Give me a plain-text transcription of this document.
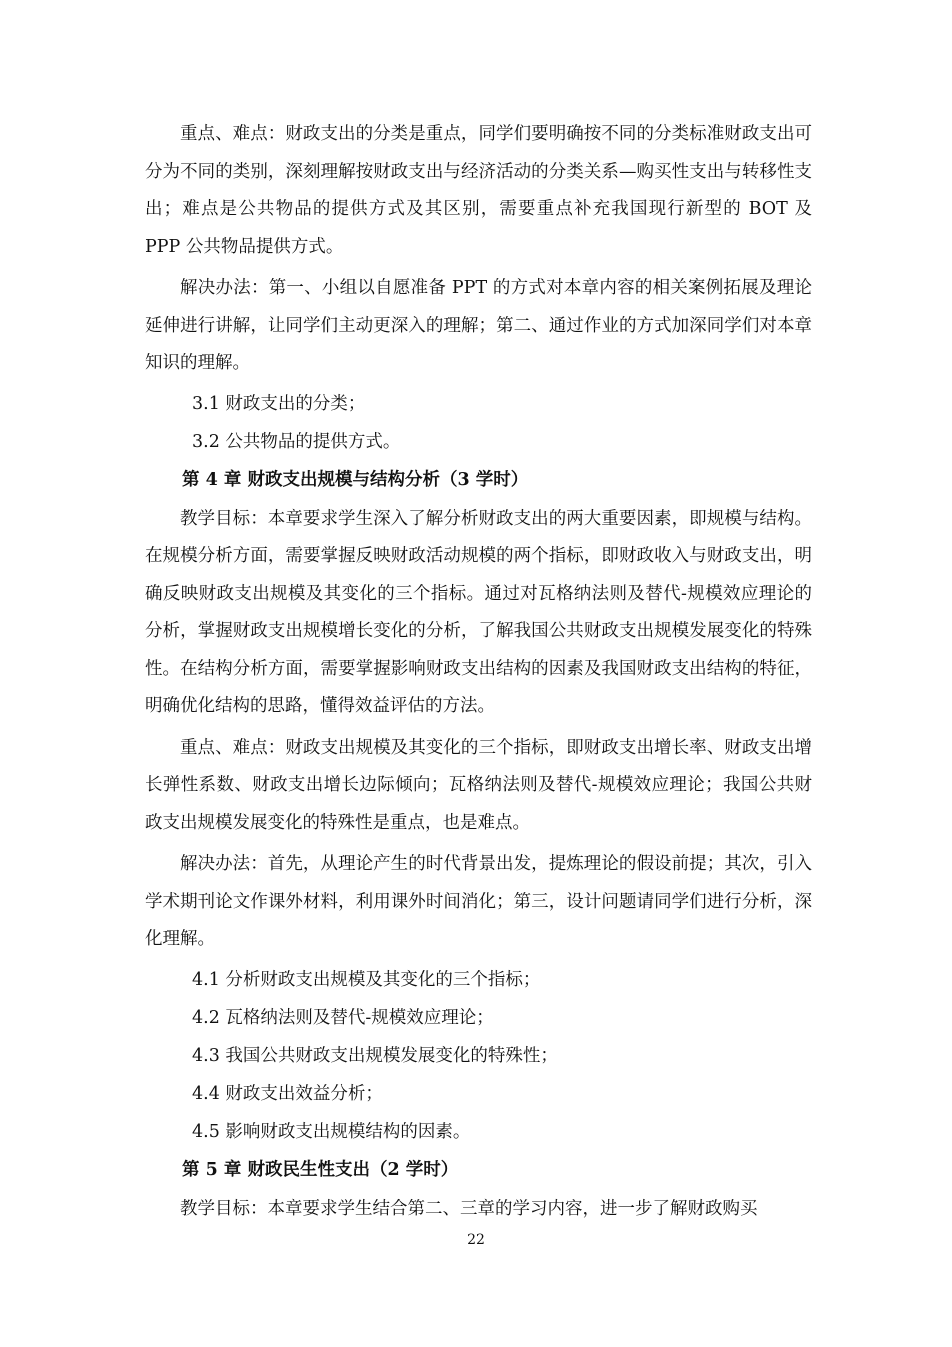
重点、难点：财政支出的分类是重点，同学们要明确按不同的分类标准财政支出可分为不同的类别，深刻理解按财政支出与经济活动的分类关系—购买性支出与转移性支出；难点是公共物品的提供方式及其区别，需要重点补充我国现行新型的 BOT 及 PPP 公共物品提供方式。

解决办法：第一、小组以自愿准备 PPT 的方式对本章内容的相关案例拓展及理论延伸进行讲解，让同学们主动更深入的理解；第二、通过作业的方式加深同学们对本章知识的理解。

3.1 财政支出的分类；

3.2 公共物品的提供方式。

第 4 章 财政支出规模与结构分析（3 学时）

教学目标：本章要求学生深入了解分析财政支出的两大重要因素，即规模与结构。在规模分析方面，需要掌握反映财政活动规模的两个指标，即财政收入与财政支出，明确反映财政支出规模及其变化的三个指标。通过对瓦格纳法则及替代-规模效应理论的分析，掌握财政支出规模增长变化的分析，了解我国公共财政支出规模发展变化的特殊性。在结构分析方面，需要掌握影响财政支出结构的因素及我国财政支出结构的特征，明确优化结构的思路，懂得效益评估的方法。

重点、难点：财政支出规模及其变化的三个指标，即财政支出增长率、财政支出增长弹性系数、财政支出增长边际倾向；瓦格纳法则及替代-规模效应理论；我国公共财政支出规模发展变化的特殊性是重点，也是难点。

解决办法：首先，从理论产生的时代背景出发，提炼理论的假设前提；其次，引入学术期刊论文作课外材料，利用课外时间消化；第三，设计问题请同学们进行分析，深化理解。

4.1 分析财政支出规模及其变化的三个指标；

4.2 瓦格纳法则及替代-规模效应理论；

4.3 我国公共财政支出规模发展变化的特殊性；

4.4 财政支出效益分析；

4.5 影响财政支出规模结构的因素。

第 5 章 财政民生性支出（2 学时）

教学目标：本章要求学生结合第二、三章的学习内容，进一步了解财政购买

22
